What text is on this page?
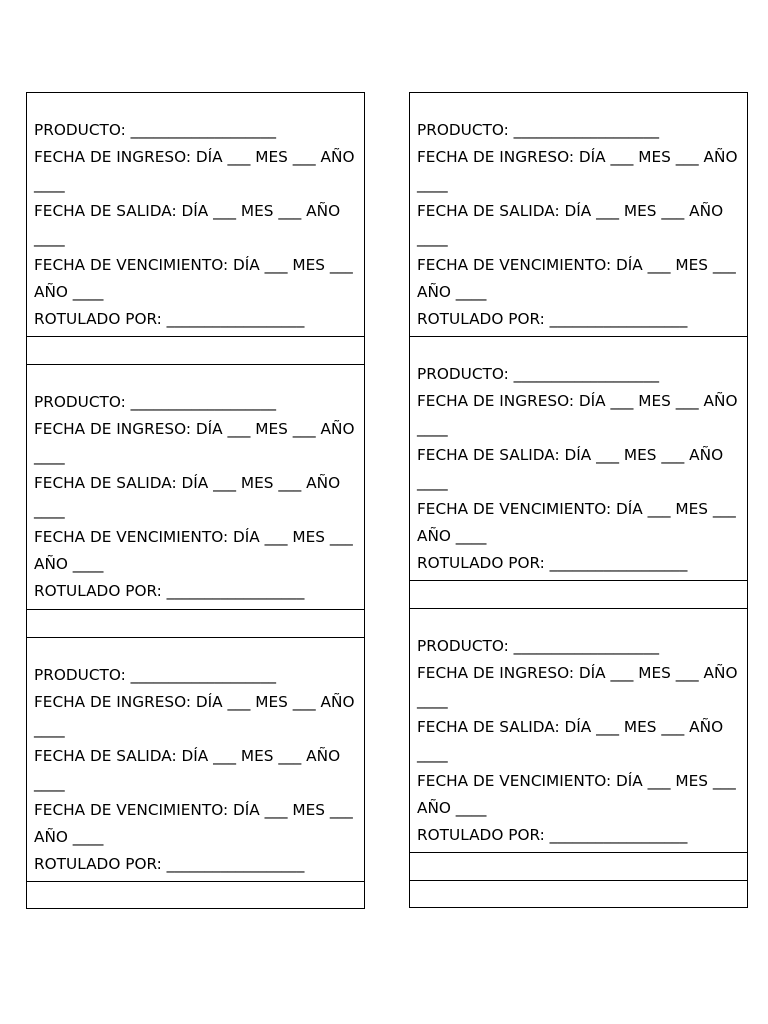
PRODUCTO: ___________________

FECHA DE INGRESO: DÍA ___ MES ___ AÑO

____

FECHA DE SALIDA: DÍA ___ MES ___ AÑO

____

FECHA DE VENCIMIENTO: DÍA ___ MES ___

AÑO ____

ROTULADO POR: __________________

PRODUCTO: ___________________

FECHA DE INGRESO: DÍA ___ MES ___ AÑO

____

FECHA DE SALIDA: DÍA ___ MES ___ AÑO

____

FECHA DE VENCIMIENTO: DÍA ___ MES ___

AÑO ____

ROTULADO POR: __________________

PRODUCTO: ___________________

FECHA DE INGRESO: DÍA ___ MES ___ AÑO

____

FECHA DE SALIDA: DÍA ___ MES ___ AÑO

____

FECHA DE VENCIMIENTO: DÍA ___ MES ___

AÑO ____

ROTULADO POR: __________________

PRODUCTO: ___________________

FECHA DE INGRESO: DÍA ___ MES ___ AÑO

____

FECHA DE SALIDA: DÍA ___ MES ___ AÑO

____

FECHA DE VENCIMIENTO: DÍA ___ MES ___

AÑO ____

ROTULADO POR: __________________

PRODUCTO: ___________________

FECHA DE INGRESO: DÍA ___ MES ___ AÑO

____

FECHA DE SALIDA: DÍA ___ MES ___ AÑO

____

FECHA DE VENCIMIENTO: DÍA ___ MES ___

AÑO ____

ROTULADO POR: __________________

PRODUCTO: ___________________

FECHA DE INGRESO: DÍA ___ MES ___ AÑO

____

FECHA DE SALIDA: DÍA ___ MES ___ AÑO

____

FECHA DE VENCIMIENTO: DÍA ___ MES ___

AÑO ____

ROTULADO POR: __________________
